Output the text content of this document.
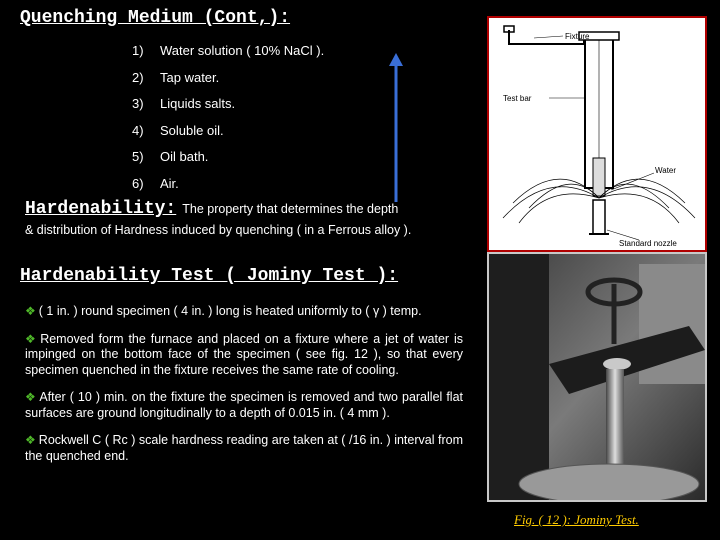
Quenching Medium (Cont,):
1) Water solution ( 10% NaCl ).
2) Tap water.
3) Liquids salts.
4) Soluble oil.
5) Oil bath.
6) Air.
Hardenability: The property that determines the depth
& distribution of Hardness induced by quenching ( in a Ferrous alloy ).
Hardenability Test ( Jominy Test ):

❖ ( 1 in. ) round specimen ( 4 in. ) long is heated uniformly to ( γ ) temp.

❖ Removed form the furnace and placed on a fixture where a jet of water is impinged on the bottom face of the specimen ( see fig. 12 ), so that every specimen quenched in the fixture receives the same rate of cooling.

❖ After ( 10 ) min. on the fixture the specimen is removed and two parallel flat surfaces are ground longitudinally to a depth of 0.015 in. ( 4 mm ).

❖ Rockwell C ( Rc ) scale hardness reading are taken at ( /16 in. ) interval from the quenched end.

Fixture
Test bar
Water
Standard nozzle
Fig. ( 12 ): Jominy Test.
